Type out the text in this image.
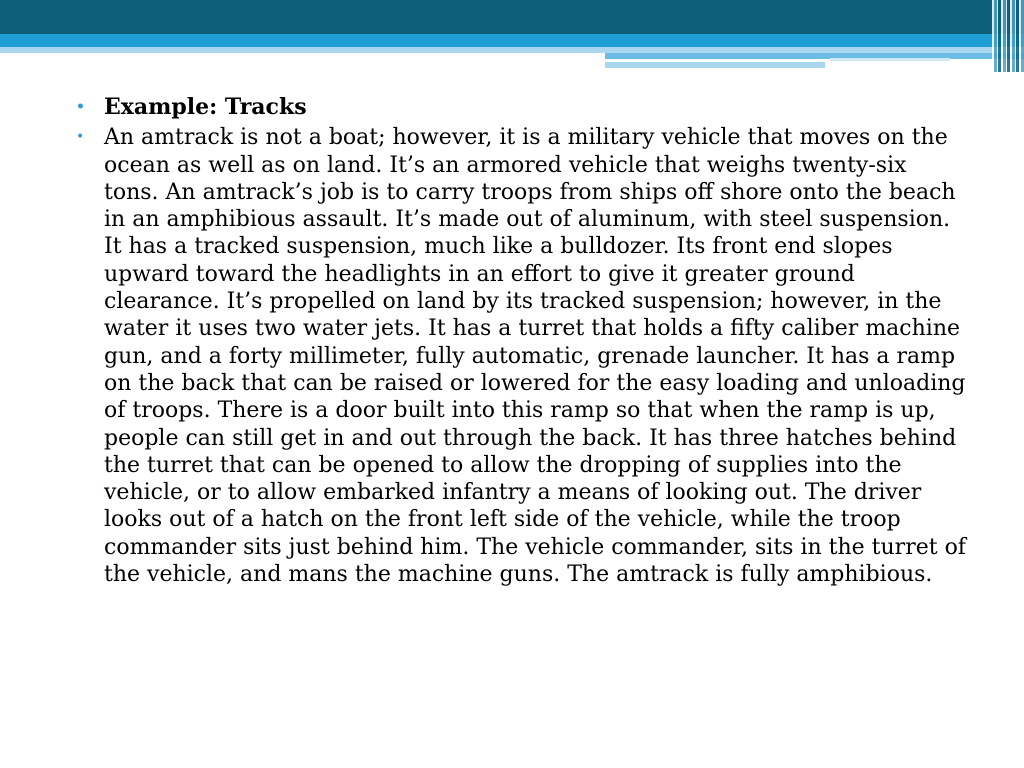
• Example: Tracks
• An amtrack is not a boat; however, it is a military vehicle that moves on the ocean as well as on land. It’s an armored vehicle that weighs twenty-six tons. An amtrack’s job is to carry troops from ships off shore onto the beach in an amphibious assault. It’s made out of aluminum, with steel suspension. It has a tracked suspension, much like a bulldozer. Its front end slopes upward toward the headlights in an effort to give it greater ground clearance. It’s propelled on land by its tracked suspension; however, in the water it uses two water jets. It has a turret that holds a fifty caliber machine gun, and a forty millimeter, fully automatic, grenade launcher. It has a ramp on the back that can be raised or lowered for the easy loading and unloading of troops. There is a door built into this ramp so that when the ramp is up, people can still get in and out through the back. It has three hatches behind the turret that can be opened to allow the dropping of supplies into the vehicle, or to allow embarked infantry a means of looking out. The driver looks out of a hatch on the front left side of the vehicle, while the troop commander sits just behind him. The vehicle commander, sits in the turret of the vehicle, and mans the machine guns. The amtrack is fully amphibious.
